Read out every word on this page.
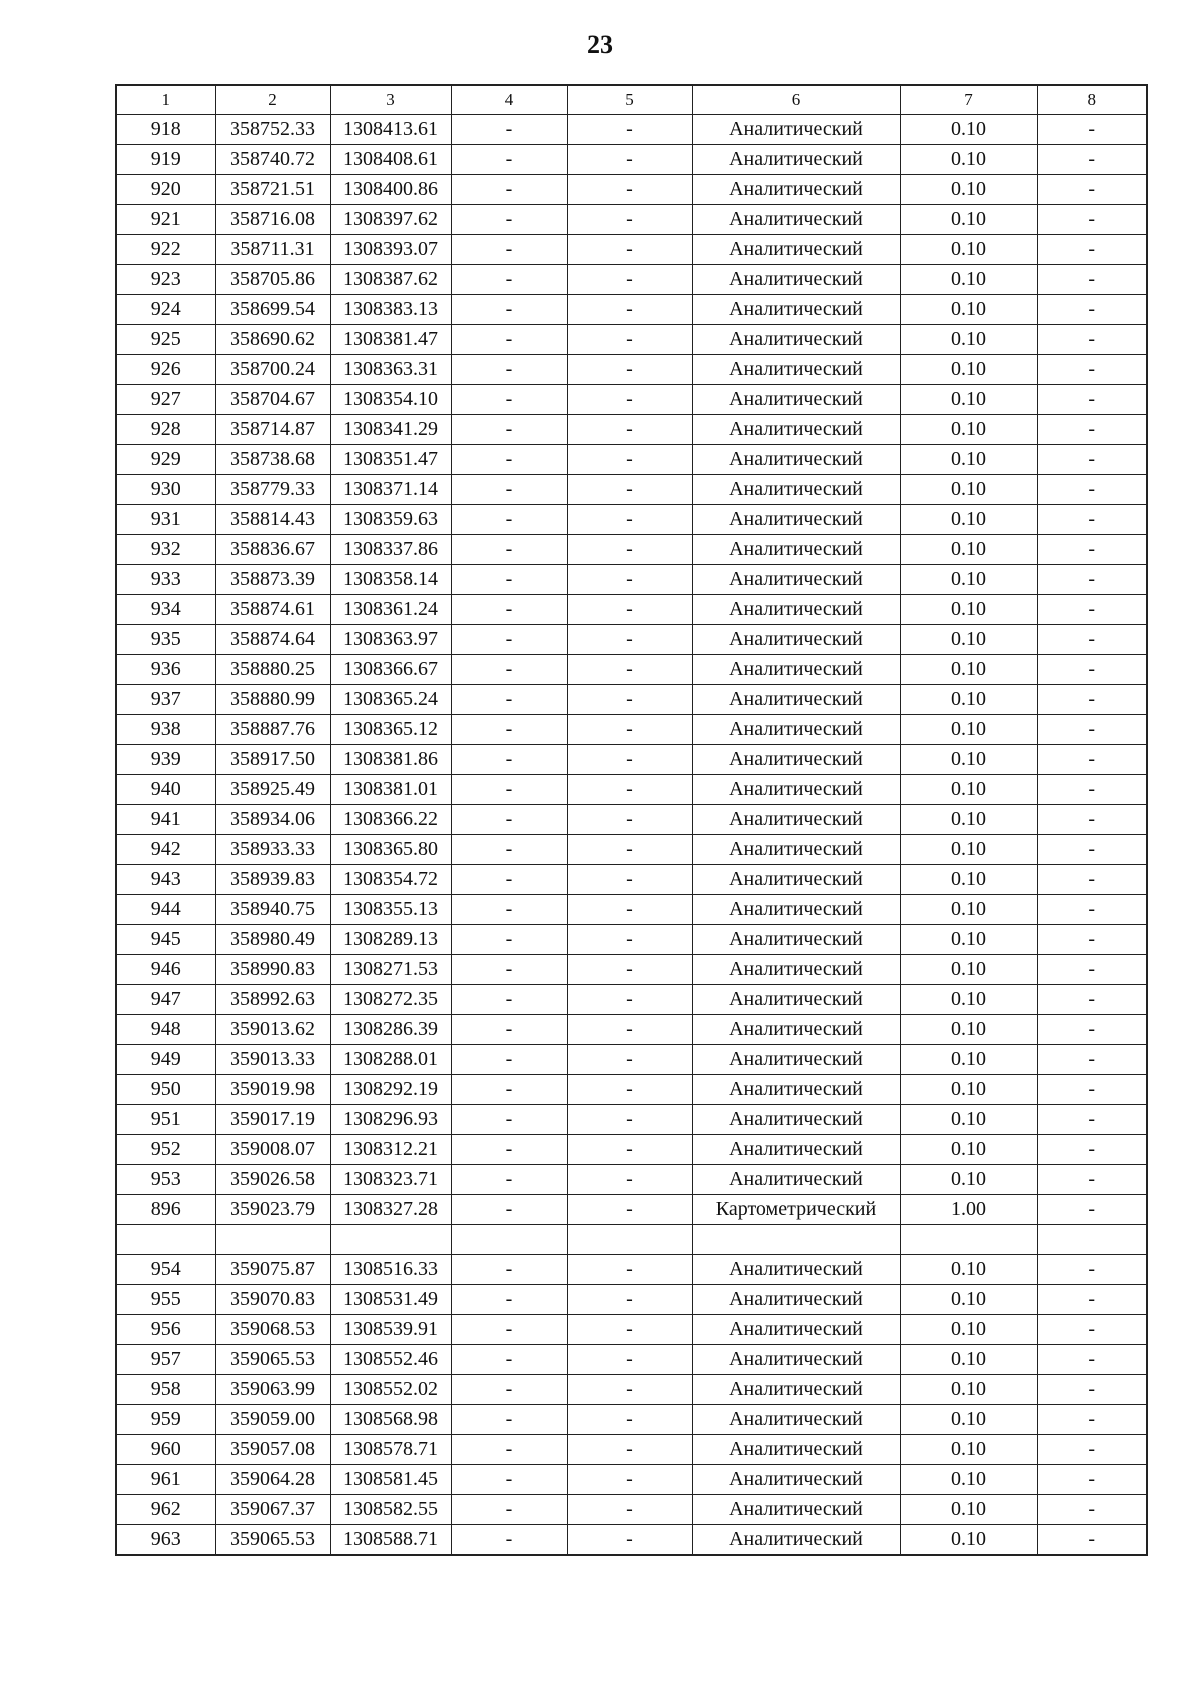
23
1	2	3	4	5	6	7	8
918	358752.33	1308413.61	-	-	Аналитический	0.10	-
919	358740.72	1308408.61	-	-	Аналитический	0.10	-
920	358721.51	1308400.86	-	-	Аналитический	0.10	-
921	358716.08	1308397.62	-	-	Аналитический	0.10	-
922	358711.31	1308393.07	-	-	Аналитический	0.10	-
923	358705.86	1308387.62	-	-	Аналитический	0.10	-
924	358699.54	1308383.13	-	-	Аналитический	0.10	-
925	358690.62	1308381.47	-	-	Аналитический	0.10	-
926	358700.24	1308363.31	-	-	Аналитический	0.10	-
927	358704.67	1308354.10	-	-	Аналитический	0.10	-
928	358714.87	1308341.29	-	-	Аналитический	0.10	-
929	358738.68	1308351.47	-	-	Аналитический	0.10	-
930	358779.33	1308371.14	-	-	Аналитический	0.10	-
931	358814.43	1308359.63	-	-	Аналитический	0.10	-
932	358836.67	1308337.86	-	-	Аналитический	0.10	-
933	358873.39	1308358.14	-	-	Аналитический	0.10	-
934	358874.61	1308361.24	-	-	Аналитический	0.10	-
935	358874.64	1308363.97	-	-	Аналитический	0.10	-
936	358880.25	1308366.67	-	-	Аналитический	0.10	-
937	358880.99	1308365.24	-	-	Аналитический	0.10	-
938	358887.76	1308365.12	-	-	Аналитический	0.10	-
939	358917.50	1308381.86	-	-	Аналитический	0.10	-
940	358925.49	1308381.01	-	-	Аналитический	0.10	-
941	358934.06	1308366.22	-	-	Аналитический	0.10	-
942	358933.33	1308365.80	-	-	Аналитический	0.10	-
943	358939.83	1308354.72	-	-	Аналитический	0.10	-
944	358940.75	1308355.13	-	-	Аналитический	0.10	-
945	358980.49	1308289.13	-	-	Аналитический	0.10	-
946	358990.83	1308271.53	-	-	Аналитический	0.10	-
947	358992.63	1308272.35	-	-	Аналитический	0.10	-
948	359013.62	1308286.39	-	-	Аналитический	0.10	-
949	359013.33	1308288.01	-	-	Аналитический	0.10	-
950	359019.98	1308292.19	-	-	Аналитический	0.10	-
951	359017.19	1308296.93	-	-	Аналитический	0.10	-
952	359008.07	1308312.21	-	-	Аналитический	0.10	-
953	359026.58	1308323.71	-	-	Аналитический	0.10	-
896	359023.79	1308327.28	-	-	Картометрический	1.00	-

954	359075.87	1308516.33	-	-	Аналитический	0.10	-
955	359070.83	1308531.49	-	-	Аналитический	0.10	-
956	359068.53	1308539.91	-	-	Аналитический	0.10	-
957	359065.53	1308552.46	-	-	Аналитический	0.10	-
958	359063.99	1308552.02	-	-	Аналитический	0.10	-
959	359059.00	1308568.98	-	-	Аналитический	0.10	-
960	359057.08	1308578.71	-	-	Аналитический	0.10	-
961	359064.28	1308581.45	-	-	Аналитический	0.10	-
962	359067.37	1308582.55	-	-	Аналитический	0.10	-
963	359065.53	1308588.71	-	-	Аналитический	0.10	-
